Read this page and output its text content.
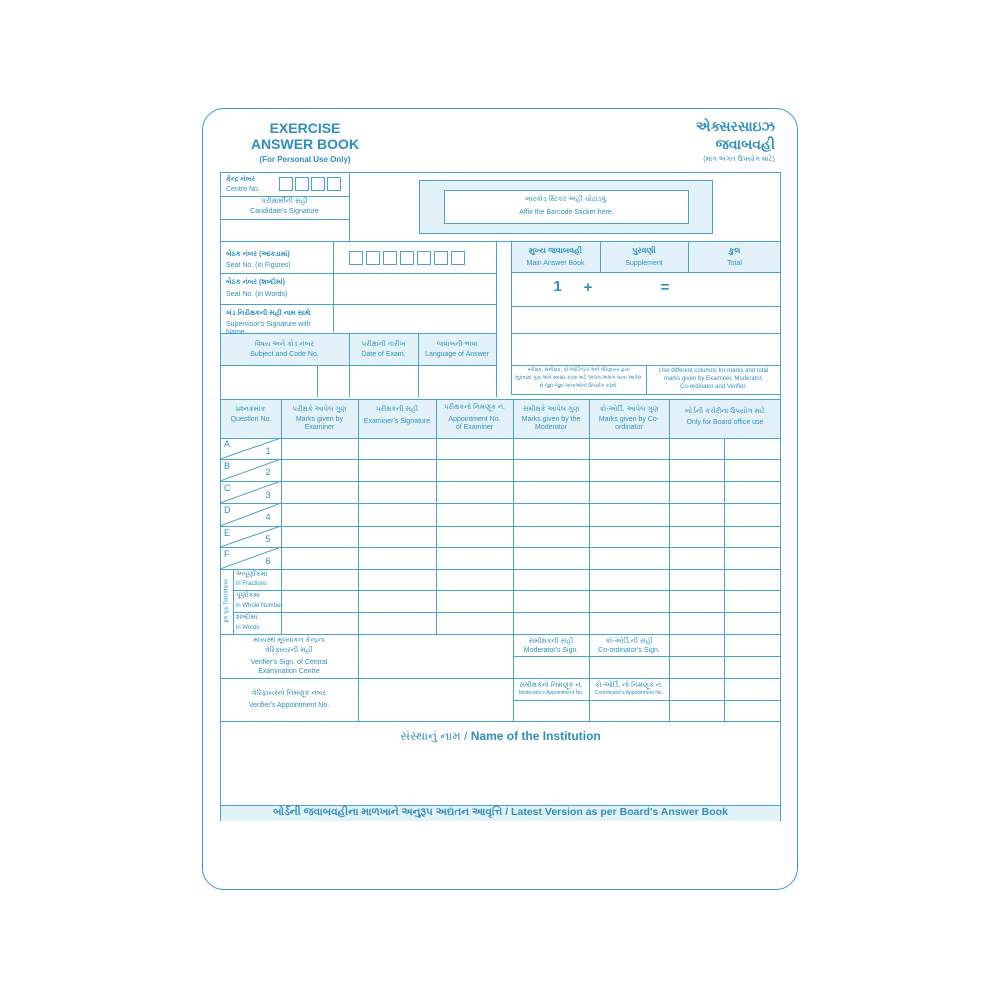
EXERCISE
ANSWER BOOK
(For Personal Use Only)
એક્સરસાઇઝ
જવાબવહી
(માત્ર અંગત ઉપયોગ માટે)
કેન્દ્ર નંબર
Centre No.
પરીક્ષાર્થીની સહી
Candidate's Signature
બારકોડ સ્ટિકર અહીં ચોંટાડવું.
Affix the Barcode Sticker here.
બેઠક નંબર (આંકડામાં)
Seat No. (in Figures)
બેઠક નંબર (શબ્દોમાં)
Seat No. (in Words)
ખંડ નિરીક્ષકની સહી નામ સાથે
Supervisor's Signature with Name
વિષય અને કોડ નંબર
Subject and Code No.
પરીક્ષાની તારીખ
Date of Exam.
જવાબની ભાષા
Language of Answer
મુખ્ય જવાબવહી
Main Answer Book
પુરવણી
Supplement
કુલ
Total
1	+	=
પરીક્ષક, સમીક્ષક, કો-ઓર્ડિનેટર અને વેરિફાયર દ્વારા
મૂકવામાં ગુણ અને સ્વાક્ષર કરવા માટે અલગ-અલગ ખાના આપેલ
છે જુદા-જુદા ખાનાઓનો ઉપયોગ કરવો.
Use different columns for marks and total
marks given by Examiner, Moderator,
Co-ordinator and Verifier.
પ્રશ્નક્રમાંક
Question No.
પરીક્ષકે આપેલ ગુણ
Marks given by Examiner
પરીક્ષકની સહી
Examiner's Signature
પરીક્ષકનો નિમણૂક નં.
Appointment No. of Examiner
સમીક્ષકે આપેલ ગુણ
Marks given by the Moderator
કો-ઓર્ડિ. આપેલ ગુણ
Marks given by Co-ordinator
બોર્ડની કચેરીના ઉપયોગ માટે
Only for Board office use
A
1
B
2
C
3
D
4
E
5
F
6
કુલ ગુણ Total Marks
અપૂર્ણાંકમાં
in Fractions
પૂર્ણાંકમાં
in Whole Number
શબ્દોમાં
in Words
મધ્યસ્થ મૂલ્યાંકન કેન્દ્રના
વેરિફાયરની સહી
Verifier's Sign. of Central
Examination Centre
વેરિફાયરનો નિમણૂક નંબર
Verifier's Appointment No.
સમીક્ષકની સહી
Moderator's Sign.
કો-ઓર્ડિ.ની સહી
Co-ordinator's Sign.
સમીક્ષકનો નિમણૂક નં.
Moderator's Appointment No.
કો-ઓર્ડિ. નો નિમણૂક નં.
Coordinator's Appointment No.
સંસ્થાનું નામ / Name of the Institution
બોર્ડની જવાબવહીના માળખાને અનુરૂપ અદ્યતન આવૃત્તિ / Latest Version as per Board's Answer Book
